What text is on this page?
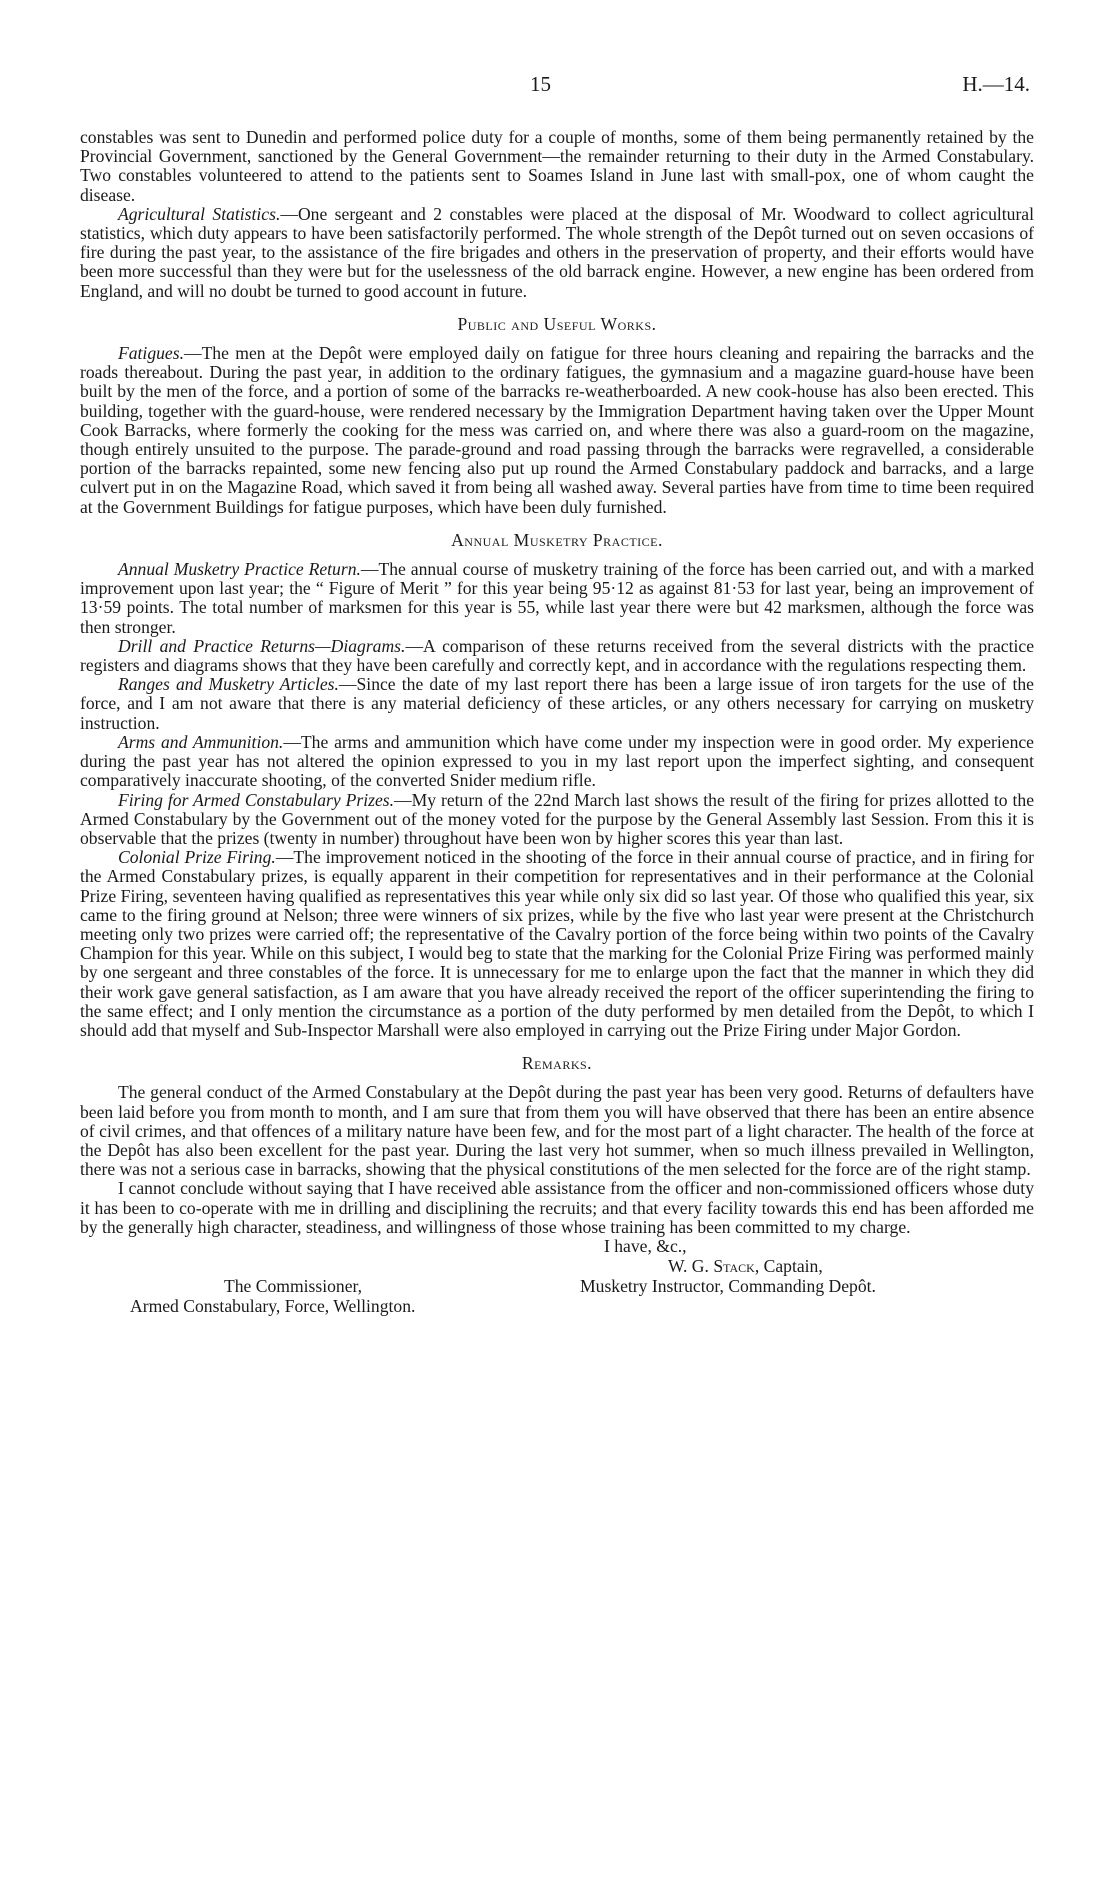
15	H.—14.

constables was sent to Dunedin and performed police duty for a couple of months, some of them being permanently retained by the Provincial Government, sanctioned by the General Government—the remainder returning to their duty in the Armed Constabulary. Two constables volunteered to attend to the patients sent to Soames Island in June last with small-pox, one of whom caught the disease.

Agricultural Statistics.—One sergeant and 2 constables were placed at the disposal of Mr. Woodward to collect agricultural statistics, which duty appears to have been satisfactorily performed. The whole strength of the Depôt turned out on seven occasions of fire during the past year, to the assistance of the fire brigades and others in the preservation of property, and their efforts would have been more successful than they were but for the uselessness of the old barrack engine. However, a new engine has been ordered from England, and will no doubt be turned to good account in future.

Public and Useful Works.

Fatigues.—The men at the Depôt were employed daily on fatigue for three hours cleaning and repairing the barracks and the roads thereabout. During the past year, in addition to the ordinary fatigues, the gymnasium and a magazine guard-house have been built by the men of the force, and a portion of some of the barracks re-weatherboarded. A new cook-house has also been erected. This building, together with the guard-house, were rendered necessary by the Immigration Department having taken over the Upper Mount Cook Barracks, where formerly the cooking for the mess was carried on, and where there was also a guard-room on the magazine, though entirely unsuited to the purpose. The parade-ground and road passing through the barracks were regravelled, a considerable portion of the barracks repainted, some new fencing also put up round the Armed Constabulary paddock and barracks, and a large culvert put in on the Magazine Road, which saved it from being all washed away. Several parties have from time to time been required at the Government Buildings for fatigue purposes, which have been duly furnished.

Annual Musketry Practice.

Annual Musketry Practice Return.—The annual course of musketry training of the force has been carried out, and with a marked improvement upon last year; the “ Figure of Merit ” for this year being 95·12 as against 81·53 for last year, being an improvement of 13·59 points. The total number of marksmen for this year is 55, while last year there were but 42 marksmen, although the force was then stronger.

Drill and Practice Returns—Diagrams.—A comparison of these returns received from the several districts with the practice registers and diagrams shows that they have been carefully and correctly kept, and in accordance with the regulations respecting them.

Ranges and Musketry Articles.—Since the date of my last report there has been a large issue of iron targets for the use of the force, and I am not aware that there is any material deficiency of these articles, or any others necessary for carrying on musketry instruction.

Arms and Ammunition.—The arms and ammunition which have come under my inspection were in good order. My experience during the past year has not altered the opinion expressed to you in my last report upon the imperfect sighting, and consequent comparatively inaccurate shooting, of the converted Snider medium rifle.

Firing for Armed Constabulary Prizes.—My return of the 22nd March last shows the result of the firing for prizes allotted to the Armed Constabulary by the Government out of the money voted for the purpose by the General Assembly last Session. From this it is observable that the prizes (twenty in number) throughout have been won by higher scores this year than last.

Colonial Prize Firing.—The improvement noticed in the shooting of the force in their annual course of practice, and in firing for the Armed Constabulary prizes, is equally apparent in their competition for representatives and in their performance at the Colonial Prize Firing, seventeen having qualified as representatives this year while only six did so last year. Of those who qualified this year, six came to the firing ground at Nelson; three were winners of six prizes, while by the five who last year were present at the Christchurch meeting only two prizes were carried off; the representative of the Cavalry portion of the force being within two points of the Cavalry Champion for this year. While on this subject, I would beg to state that the marking for the Colonial Prize Firing was performed mainly by one sergeant and three constables of the force. It is unnecessary for me to enlarge upon the fact that the manner in which they did their work gave general satisfaction, as I am aware that you have already received the report of the officer superintending the firing to the same effect; and I only mention the circumstance as a portion of the duty performed by men detailed from the Depôt, to which I should add that myself and Sub-Inspector Marshall were also employed in carrying out the Prize Firing under Major Gordon.

Remarks.

The general conduct of the Armed Constabulary at the Depôt during the past year has been very good. Returns of defaulters have been laid before you from month to month, and I am sure that from them you will have observed that there has been an entire absence of civil crimes, and that offences of a military nature have been few, and for the most part of a light character. The health of the force at the Depôt has also been excellent for the past year. During the last very hot summer, when so much illness prevailed in Wellington, there was not a serious case in barracks, showing that the physical constitutions of the men selected for the force are of the right stamp.

I cannot conclude without saying that I have received able assistance from the officer and non-commissioned officers whose duty it has been to co-operate with me in drilling and disciplining the recruits; and that every facility towards this end has been afforded me by the generally high character, steadiness, and willingness of those whose training has been committed to my charge.

I have, &c.,
W. G. Stack, Captain,
Musketry Instructor, Commanding Depôt.
The Commissioner,
Armed Constabulary, Force, Wellington.
